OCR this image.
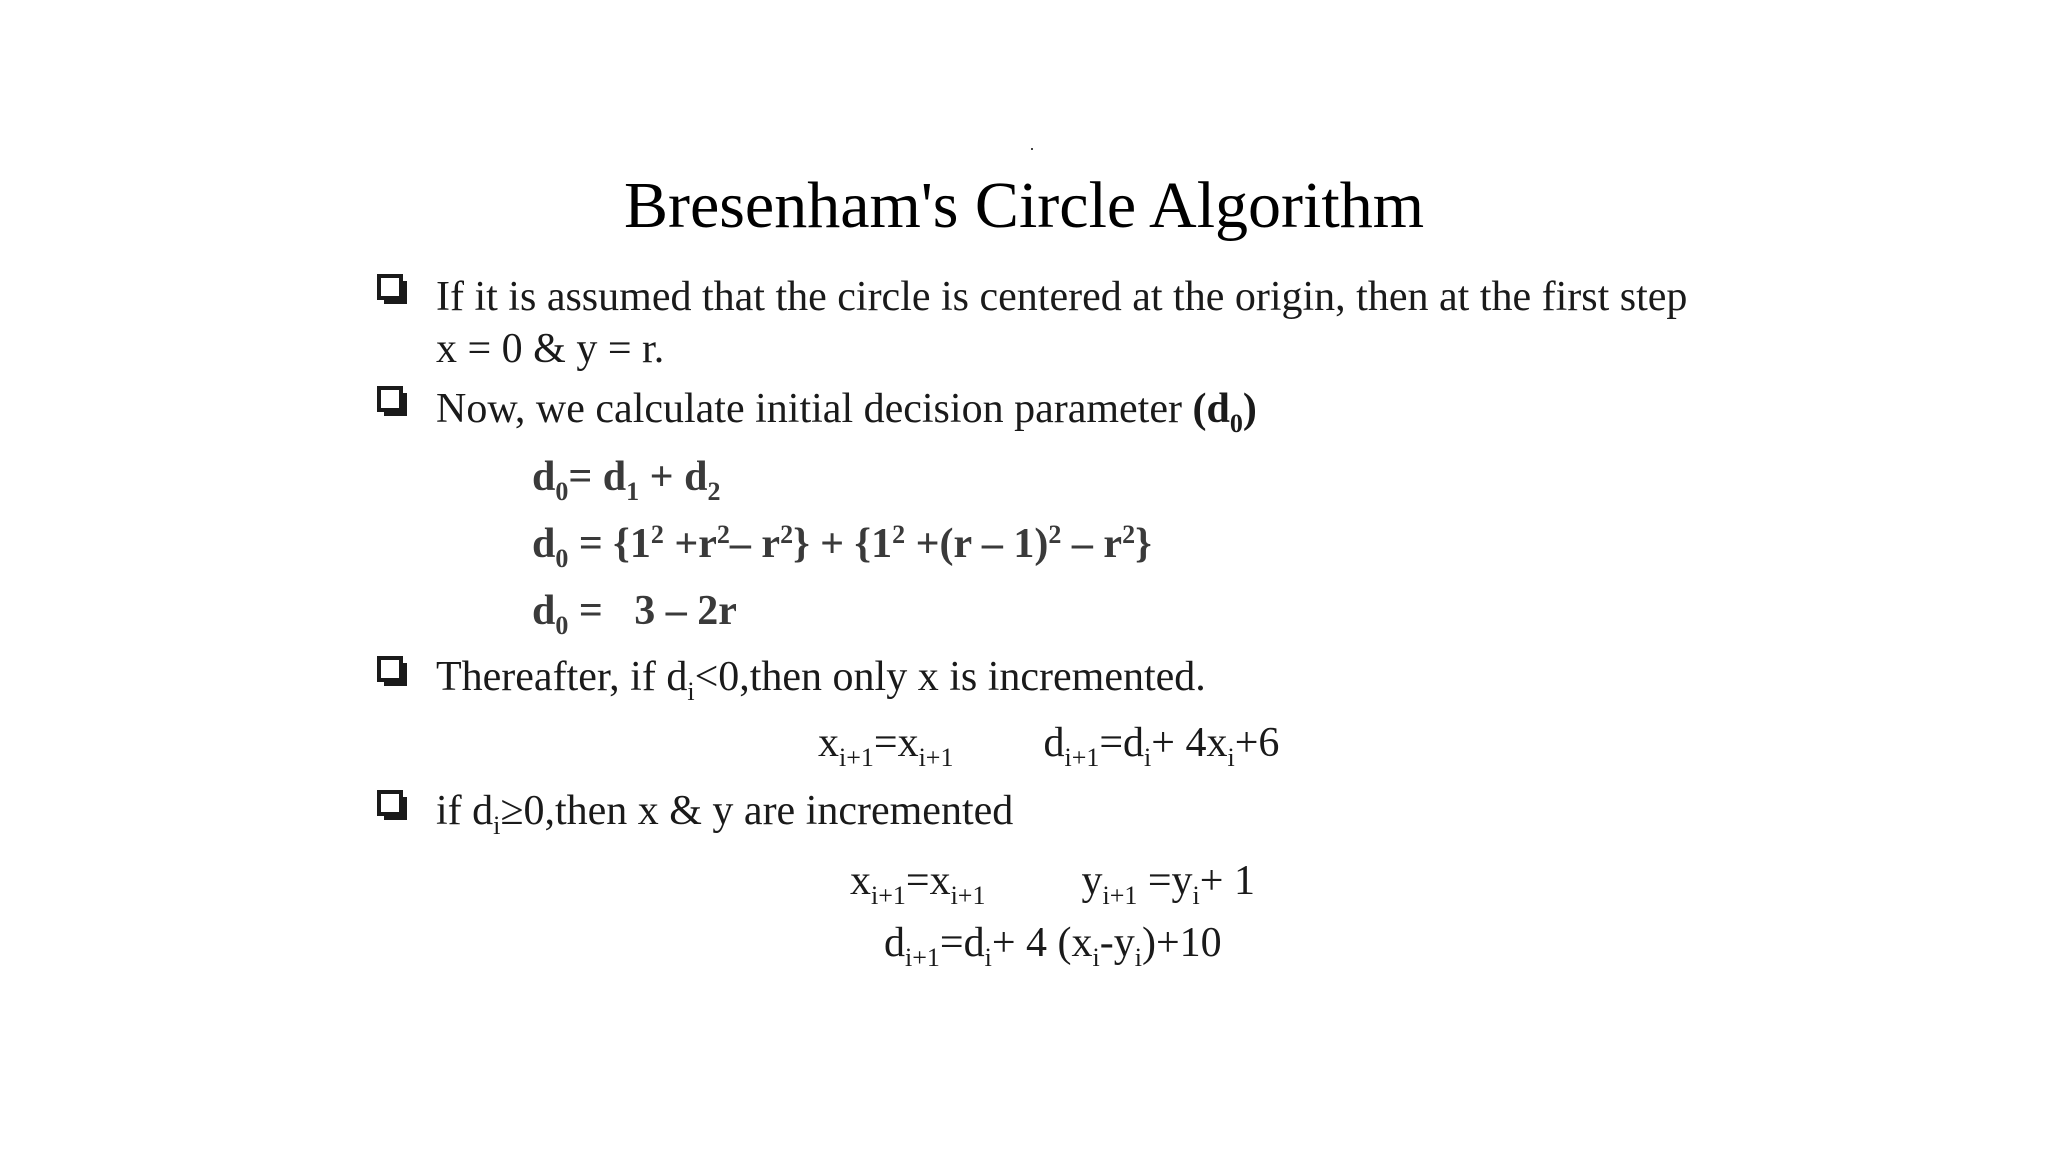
Bresenham's Circle Algorithm
If it is assumed that the circle is centered at the origin, then at the first step
x = 0 & y = r.
Now, we calculate initial decision parameter $(d_0)$
$d_0= d_1 + d_2$
$d_0 = \{1^2 +r^2-$ $r^2\} + \{1^2 +(r - 1)^2 - r^2\}$
$d_0 = 3 - 2r$
Thereafter, if $d_i<0,then$ only x is incremented.
$x_{i+1}=x_{i+1}$ $d_{i+1}=d_i+ 4x_i+6$
if $d_i\ge 0,then$ x & y are incremented
$x_{i+1}=x_{i+1}$ $y_{i+1} =y_i+ 1$
$d_{i+1}=d_i+ 4$ $(x_i-y_i)+10$
